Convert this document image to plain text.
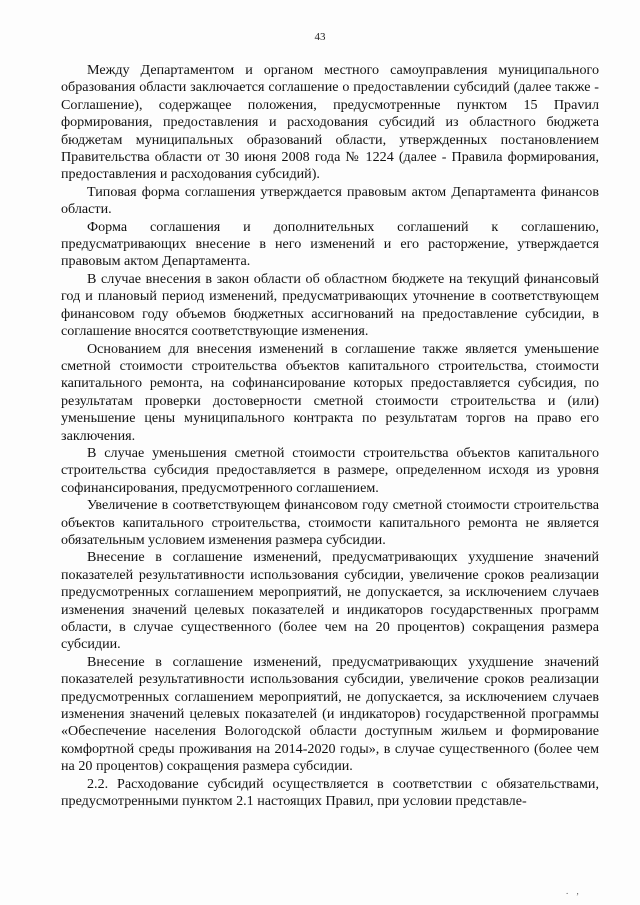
43

Между Департаментом и органом местного самоуправления муниципального образования области заключается соглашение о предоставлении субсидий (далее также - Соглашение), содержащее положения, предусмотренные пунктом 15 Праvил формирования, предоставления и расходования субсидий из областного бюджета бюджетам муниципальных образований области, утвержденных постановлением Правительства области от 30 июня 2008 года № 1224 (далее - Правила формирования, предоставления и расходования субсидий).

Типовая форма соглашения утверждается правовым актом Департамента финансов области.

Форма соглашения и дополнительных соглашений к соглашению, предусматривающих внесение в него изменений и его расторжение, утверждается правовым актом Департамента.

В случае внесения в закон области об областном бюджете на текущий финансовый год и плановый период изменений, предусматривающих уточнение в соответствующем финансовом году объемов бюджетных ассигнований на предоставление субсидии, в соглашение вносятся соответствующие изменения.

Основанием для внесения изменений в соглашение также является уменьшение сметной стоимости строительства объектов капитального строительства, стоимости капитального ремонта, на софинансирование которых предоставляется субсидия, по результатам проверки достоверности сметной стоимости строительства и (или) уменьшение цены муниципального контракта по результатам торгов на право его заключения.

В случае уменьшения сметной стоимости строительства объектов капитального строительства субсидия предоставляется в размере, определенном исходя из уровня софинансирования, предусмотренного соглашением.

Увеличение в соответствующем финансовом году сметной стоимости строительства объектов капитального строительства, стоимости капитального ремонта не является обязательным условием изменения размера субсидии.

Внесение в соглашение изменений, предусматривающих ухудшение значений показателей результативности использования субсидии, увеличение сроков реализации предусмотренных соглашением мероприятий, не допускается, за исключением случаев изменения значений целевых показателей и индикаторов государственных программ области, в случае существенного (более чем на 20 процентов) сокращения размера субсидии.

Внесение в соглашение изменений, предусматривающих ухудшение значений показателей результативности использования субсидии, увеличение сроков реализации предусмотренных соглашением мероприятий, не допускается, за исключением случаев изменения значений целевых показателей (и индикаторов) государственной программы «Обеспечение населения Вологодской области доступным жильем и формирование комфортной среды проживания на 2014-2020 годы», в случае существенного (более чем на 20 процентов) сокращения размера субсидии.

2.2. Расходование субсидий осуществляется в соответствии с обязательствами, предусмотренными пунктом 2.1 настоящих Правил, при условии представле-

. ,
